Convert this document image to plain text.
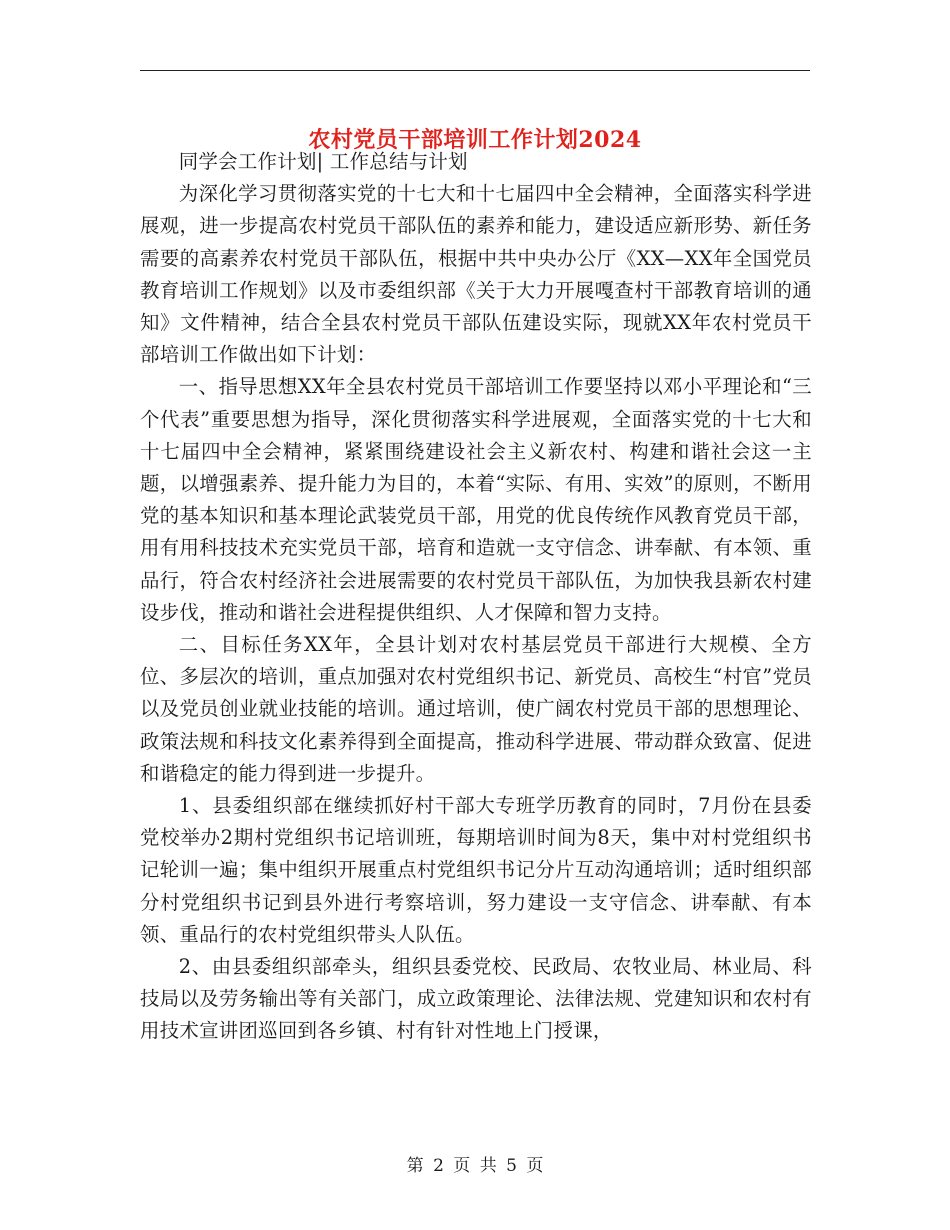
农村党员干部培训工作计划2024

同学会工作计划| 工作总结与计划

为深化学习贯彻落实党的十七大和十七届四中全会精神，全面落实科学进展观，进一步提高农村党员干部队伍的素养和能力，建设适应新形势、新任务需要的高素养农村党员干部队伍，根据中共中央办公厅《XX—XX年全国党员教育培训工作规划》以及市委组织部《关于大力开展嘎查村干部教育培训的通知》文件精神，结合全县农村党员干部队伍建设实际，现就XX年农村党员干部培训工作做出如下计划：

一、指导思想XX年全县农村党员干部培训工作要坚持以邓小平理论和“三个代表”重要思想为指导，深化贯彻落实科学进展观，全面落实党的十七大和十七届四中全会精神，紧紧围绕建设社会主义新农村、构建和谐社会这一主题，以增强素养、提升能力为目的，本着“实际、有用、实效”的原则，不断用党的基本知识和基本理论武装党员干部，用党的优良传统作风教育党员干部，用有用科技技术充实党员干部，培育和造就一支守信念、讲奉献、有本领、重品行，符合农村经济社会进展需要的农村党员干部队伍，为加快我县新农村建设步伐，推动和谐社会进程提供组织、人才保障和智力支持。

二、目标任务XX年，全县计划对农村基层党员干部进行大规模、全方位、多层次的培训，重点加强对农村党组织书记、新党员、高校生“村官”党员以及党员创业就业技能的培训。通过培训，使广阔农村党员干部的思想理论、政策法规和科技文化素养得到全面提高，推动科学进展、带动群众致富、促进和谐稳定的能力得到进一步提升。

1、县委组织部在继续抓好村干部大专班学历教育的同时，7月份在县委党校举办2期村党组织书记培训班，每期培训时间为8天，集中对村党组织书记轮训一遍；集中组织开展重点村党组织书记分片互动沟通培训；适时组织部分村党组织书记到县外进行考察培训，努力建设一支守信念、讲奉献、有本领、重品行的农村党组织带头人队伍。

2、由县委组织部牵头，组织县委党校、民政局、农牧业局、林业局、科技局以及劳务输出等有关部门，成立政策理论、法律法规、党建知识和农村有用技术宣讲团巡回到各乡镇、村有针对性地上门授课，

第 2 页 共 5 页
